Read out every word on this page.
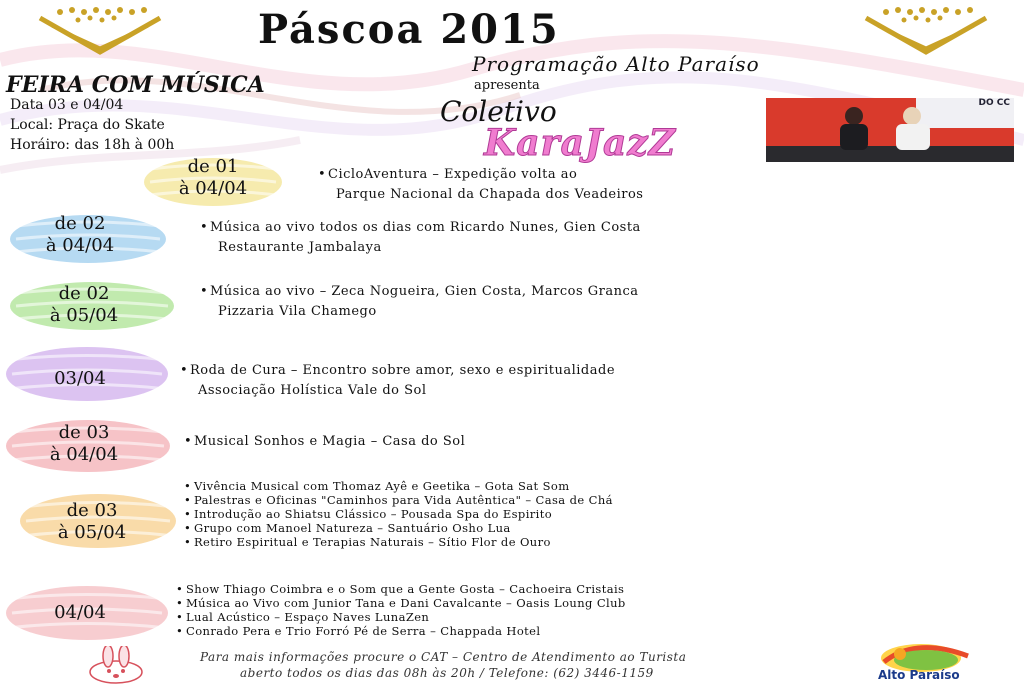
Páscoa 2015
Programação Alto Paraíso
apresenta
FEIRA COM MÚSICA
Data 03 e 04/04
Local: Praça do Skate
Horáiro: das 18h à 00h
Coletivo
KaraJazZ
DO CC
de 01
à 04/04
• CicloAventura – Expedição volta ao
Parque Nacional da Chapada dos Veadeiros
de 02
à 04/04
• Música ao vivo todos os dias com Ricardo Nunes, Gien Costa
Restaurante Jambalaya
de 02
à 05/04
• Música ao vivo – Zeca Nogueira, Gien Costa, Marcos Granca
Pizzaria Vila Chamego
03/04	• Roda de Cura – Encontro sobre amor, sexo e espiritualidade
Associação Holística Vale do Sol
de 03
à 04/04
• Musical Sonhos e Magia – Casa do Sol
de 03
à 05/04
• Vivência Musical com Thomaz Ayê e Geetika – Gota Sat Som
• Palestras e Oficinas "Caminhos para Vida Autêntica" – Casa de Chá
• Introdução ao Shiatsu Clássico – Pousada Spa do Espirito
• Grupo com Manoel Natureza – Santuário Osho Lua
• Retiro Espiritual e Terapias Naturais – Sítio Flor de Ouro
04/04
• Show Thiago Coimbra e o Som que a Gente Gosta – Cachoeira Cristais
• Música ao Vivo com Junior Tana e Dani Cavalcante – Oasis Loung Club
• Lual Acústico – Espaço Naves LunaZen
• Conrado Pera e Trio Forró Pé de Serra – Chappada Hotel
Para mais informações procure o CAT – Centro de Atendimento ao Turista
aberto todos os dias das 08h às 20h / Telefone: (62) 3446-1159	Alto Paraíso
